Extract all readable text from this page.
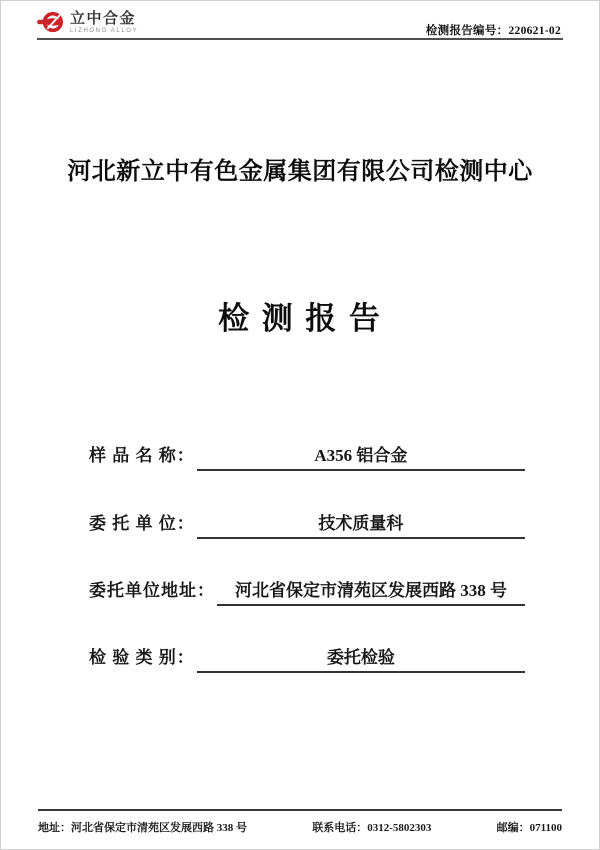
立中合金
LIZHONG ALLOY	检测报告编号：220621-02
河北新立中有色金属集团有限公司检测中心
检 测 报 告
样 品 名 称：	A356 铝合金
委 托 单 位：	技术质量科
委托单位地址：	河北省保定市清苑区发展西路 338 号
检 验 类 别：	委托检验
地址：河北省保定市清苑区发展西路 338 号	联系电话：0312-5802303	邮编：071100
